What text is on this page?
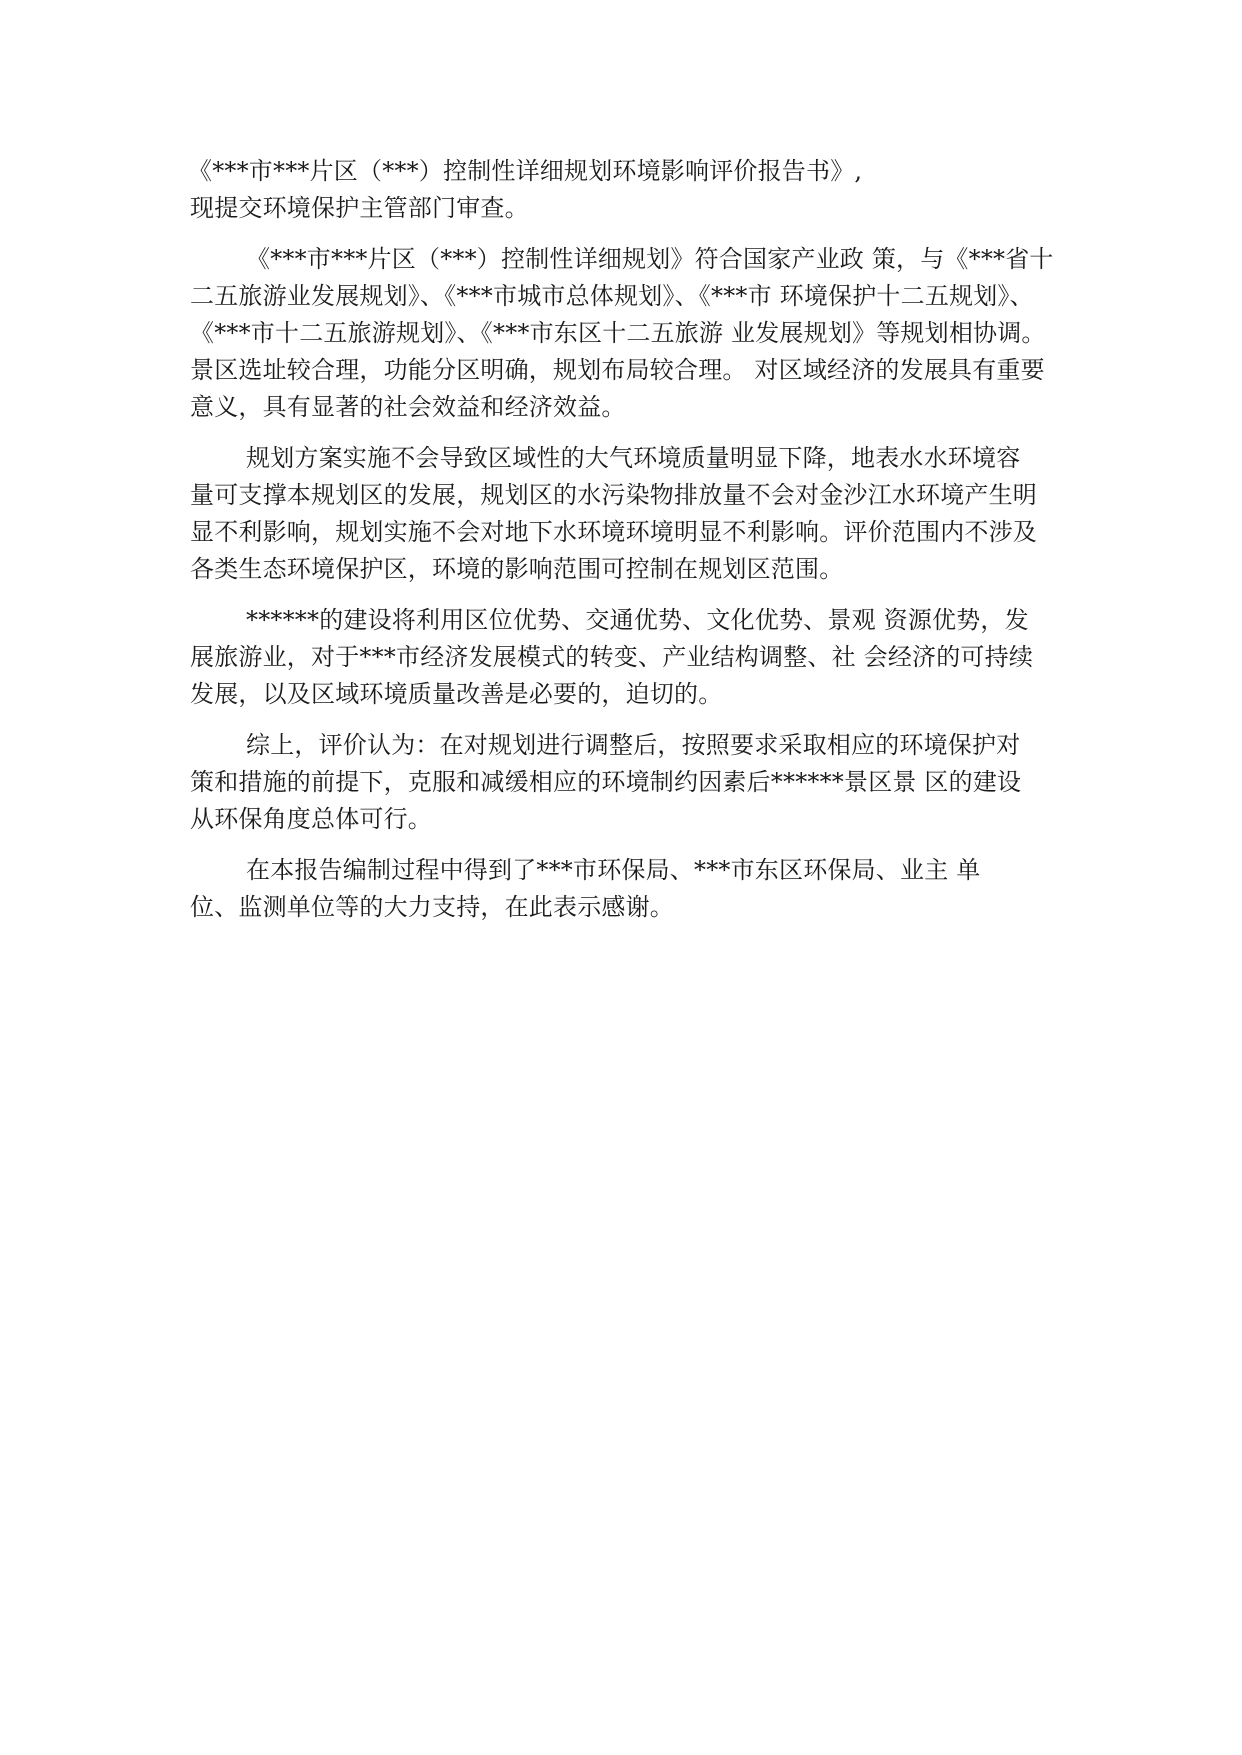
《***市***片区（***）控制性详细规划环境影响评价报告书》,
现提交环境保护主管部门审查。
《***市***片区（***）控制性详细规划》符合国家产业政 策，与《***省十
二五旅游业发展规划》、《***市城市总体规划》、《***市 环境保护十二五规划》、
《***市十二五旅游规划》、《***市东区十二五旅游 业发展规划》等规划相协调。
景区选址较合理，功能分区明确，规划布局较合理。 对区域经济的发展具有重要
意义，具有显著的社会效益和经济效益。
规划方案实施不会导致区域性的大气环境质量明显下降，地表水水环境容
量可支撑本规划区的发展，规划区的水污染物排放量不会对金沙江水环境产生明
显不利影响，规划实施不会对地下水环境环境明显不利影响。评价范围内不涉及
各类生态环境保护区，环境的影响范围可控制在规划区范围。
******的建设将利用区位优势、交通优势、文化优势、景观 资源优势，发
展旅游业，对于***市经济发展模式的转变、产业结构调整、社 会经济的可持续
发展，以及区域环境质量改善是必要的，迫切的。
综上，评价认为：在对规划进行调整后，按照要求采取相应的环境保护对
策和措施的前提下，克服和减缓相应的环境制约因素后******景区景 区的建设
从环保角度总体可行。
在本报告编制过程中得到了***市环保局、***市东区环保局、业主 单
位、监测单位等的大力支持，在此表示感谢。
